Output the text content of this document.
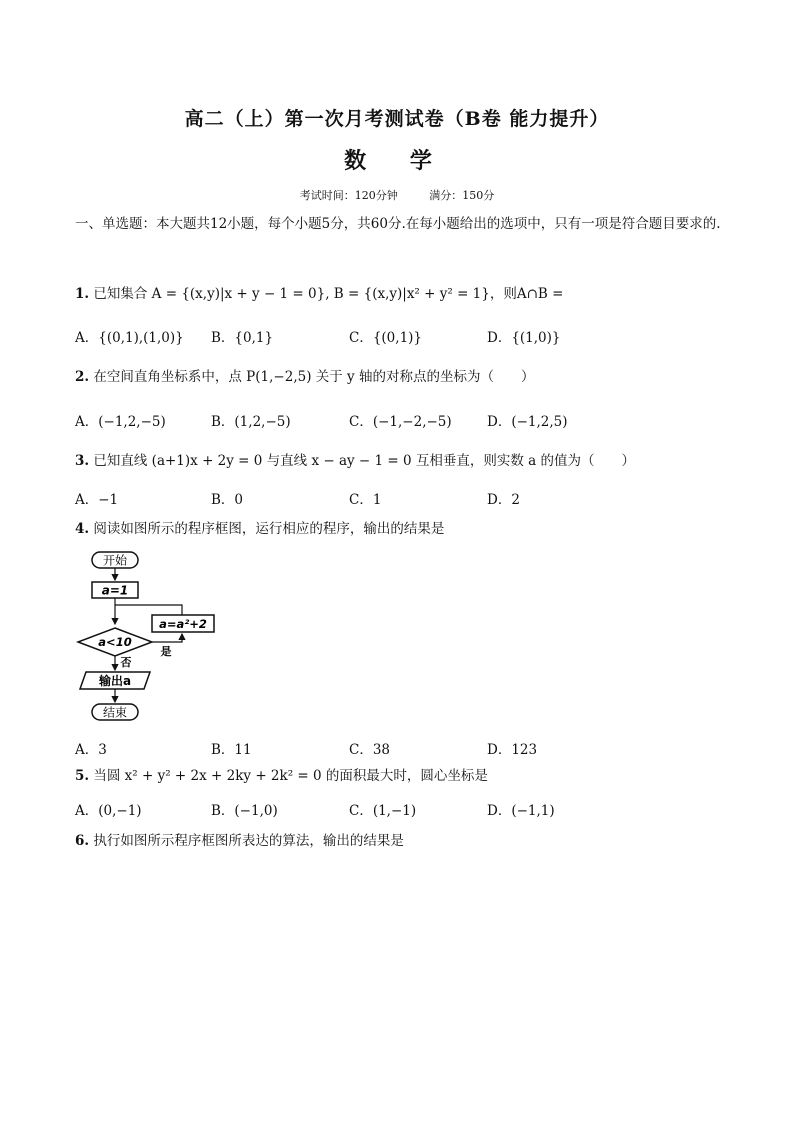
高二（上）第一次月考测试卷（B卷 能力提升）
数 学
考试时间：120分钟	满分：150分
一、单选题：本大题共12小题，每个小题5分，共60分.在每小题给出的选项中，只有一项是符合题目要求的.
1. 已知集合 A = {(x,y)|x + y − 1 = 0}, B = {(x,y)|x² + y² = 1}，则A∩B =
A．{(0,1),(1,0)} B．{0,1}	C．{(0,1)}	D．{(1,0)}
2. 在空间直角坐标系中，点 P(1,−2,5) 关于 y 轴的对称点的坐标为（　　）
A．(−1,2,−5)	B．(1,2,−5)	C．(−1,−2,−5)	D．(−1,2,5)
3. 已知直线 (a+1)x + 2y = 0 与直线 x − ay − 1 = 0 互相垂直，则实数 a 的值为（　　）
A．−1	B．0	C．1	D．2
4. 阅读如图所示的程序框图，运行相应的程序，输出的结果是
开始
a=1
a=a²+2
a<10
是
否
输出a
结束
A．3	B．11	C．38	D．123
5. 当圆 x² + y² + 2x + 2ky + 2k² = 0 的面积最大时，圆心坐标是
A．(0,−1)	B．(−1,0)	C．(1,−1)	D．(−1,1)
6. 执行如图所示程序框图所表达的算法，输出的结果是
